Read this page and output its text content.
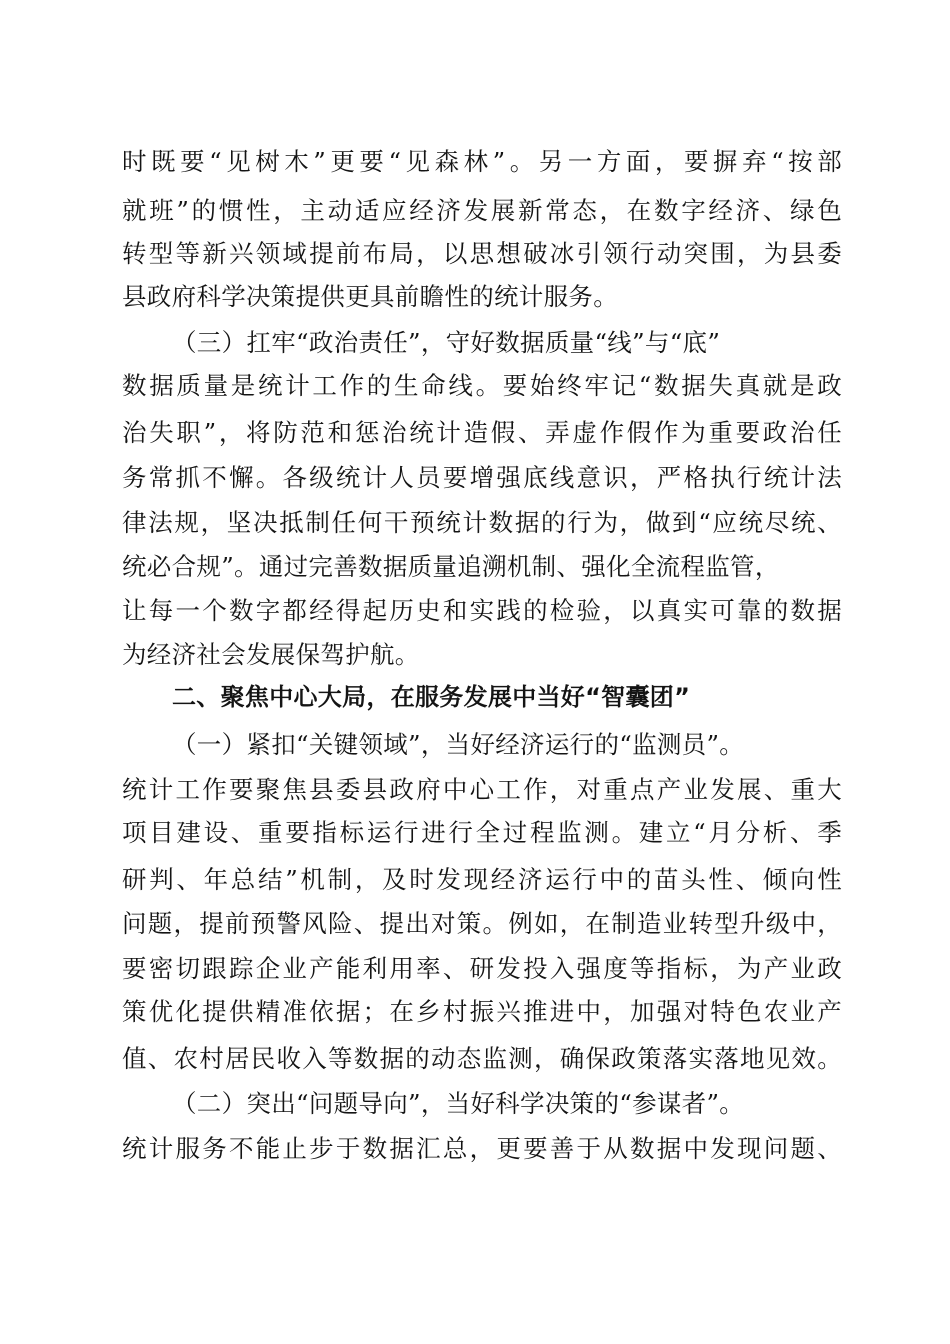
时既要“见树木”更要“见森林”。另一方面，要摒弃“按部
就班”的惯性，主动适应经济发展新常态，在数字经济、绿色
转型等新兴领域提前布局，以思想破冰引领行动突围，为县委
县政府科学决策提供更具前瞻性的统计服务。
（三）扛牢“政治责任”，守好数据质量“线”与“底”
数据质量是统计工作的生命线。要始终牢记“数据失真就是政
治失职”，将防范和惩治统计造假、弄虚作假作为重要政治任
务常抓不懈。各级统计人员要增强底线意识，严格执行统计法
律法规，坚决抵制任何干预统计数据的行为，做到“应统尽统、
统必合规”。通过完善数据质量追溯机制、强化全流程监管，
让每一个数字都经得起历史和实践的检验，以真实可靠的数据
为经济社会发展保驾护航。
二、聚焦中心大局，在服务发展中当好“智囊团”
（一）紧扣“关键领域”，当好经济运行的“监测员”。
统计工作要聚焦县委县政府中心工作，对重点产业发展、重大
项目建设、重要指标运行进行全过程监测。建立“月分析、季
研判、年总结”机制，及时发现经济运行中的苗头性、倾向性
问题，提前预警风险、提出对策。例如，在制造业转型升级中，
要密切跟踪企业产能利用率、研发投入强度等指标，为产业政
策优化提供精准依据；在乡村振兴推进中，加强对特色农业产
值、农村居民收入等数据的动态监测，确保政策落实落地见效。
（二）突出“问题导向”，当好科学决策的“参谋者”。
统计服务不能止步于数据汇总，更要善于从数据中发现问题、
